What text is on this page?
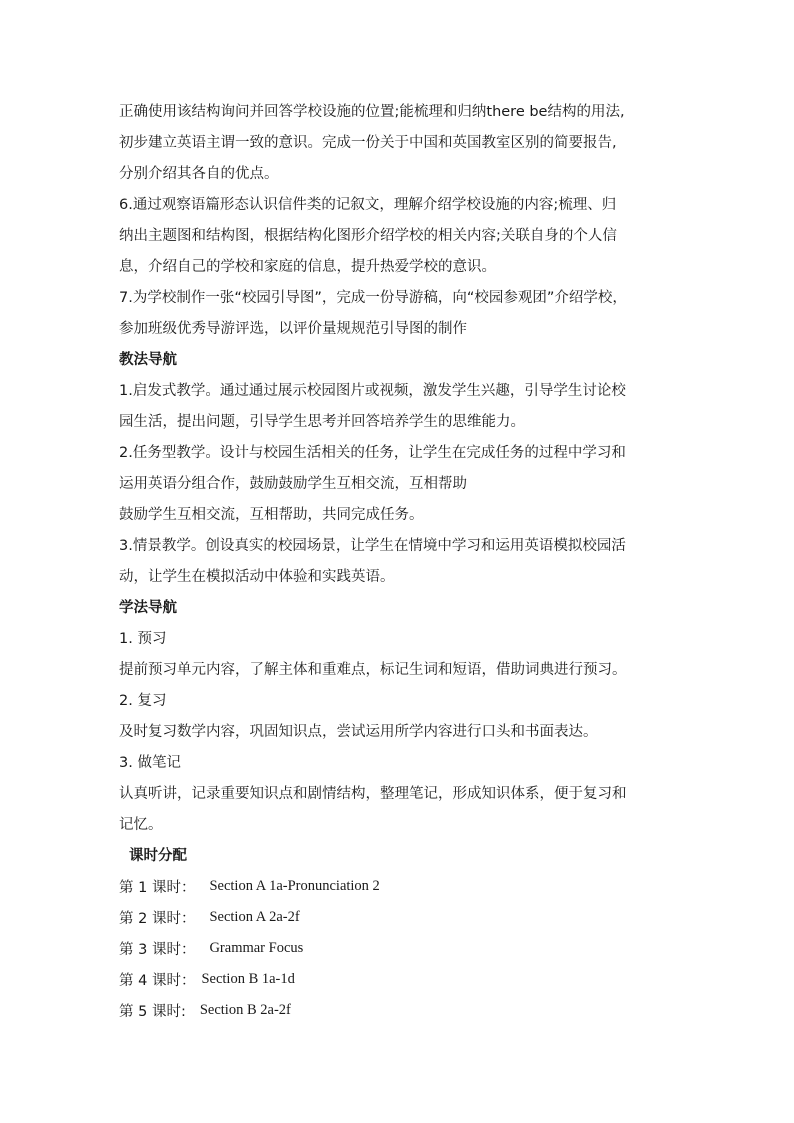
正确使用该结构询问并回答学校设施的位置;能梳理和归纳there be结构的用法,
初步建立英语主谓一致的意识。完成一份关于中国和英国教室区别的简要报告,
分别介绍其各自的优点。
6.通过观察语篇形态认识信件类的记叙文，理解介绍学校设施的内容;梳理、归
纳出主题图和结构图，根据结构化图形介绍学校的相关内容;关联自身的个人信
息，介绍自己的学校和家庭的信息，提升热爱学校的意识。
7.为学校制作一张“校园引导图”，完成一份导游稿，向“校园参观团”介绍学校，
参加班级优秀导游评选，以评价量规规范引导图的制作
教法导航
1.启发式教学。通过通过展示校园图片或视频，激发学生兴趣，引导学生讨论校
园生活，提出问题，引导学生思考并回答培养学生的思维能力。
2.任务型教学。设计与校园生活相关的任务，让学生在完成任务的过程中学习和
运用英语分组合作，鼓励鼓励学生互相交流，互相帮助
鼓励学生互相交流，互相帮助，共同完成任务。
3.情景教学。创设真实的校园场景，让学生在情境中学习和运用英语模拟校园活
动，让学生在模拟活动中体验和实践英语。
学法导航
1. 预习
提前预习单元内容，了解主体和重难点，标记生词和短语，借助词典进行预习。
2. 复习
及时复习数学内容，巩固知识点，尝试运用所学内容进行口头和书面表达。
3. 做笔记
认真听讲，记录重要知识点和剧情结构，整理笔记，形成知识体系，便于复习和
记忆。
课时分配
第 1 课时： Section A 1a-Pronunciation 2
第 2 课时： Section A 2a-2f
第 3 课时： Grammar Focus
第 4 课时： Section B 1a-1d
第 5 课时: Section B 2a-2f
